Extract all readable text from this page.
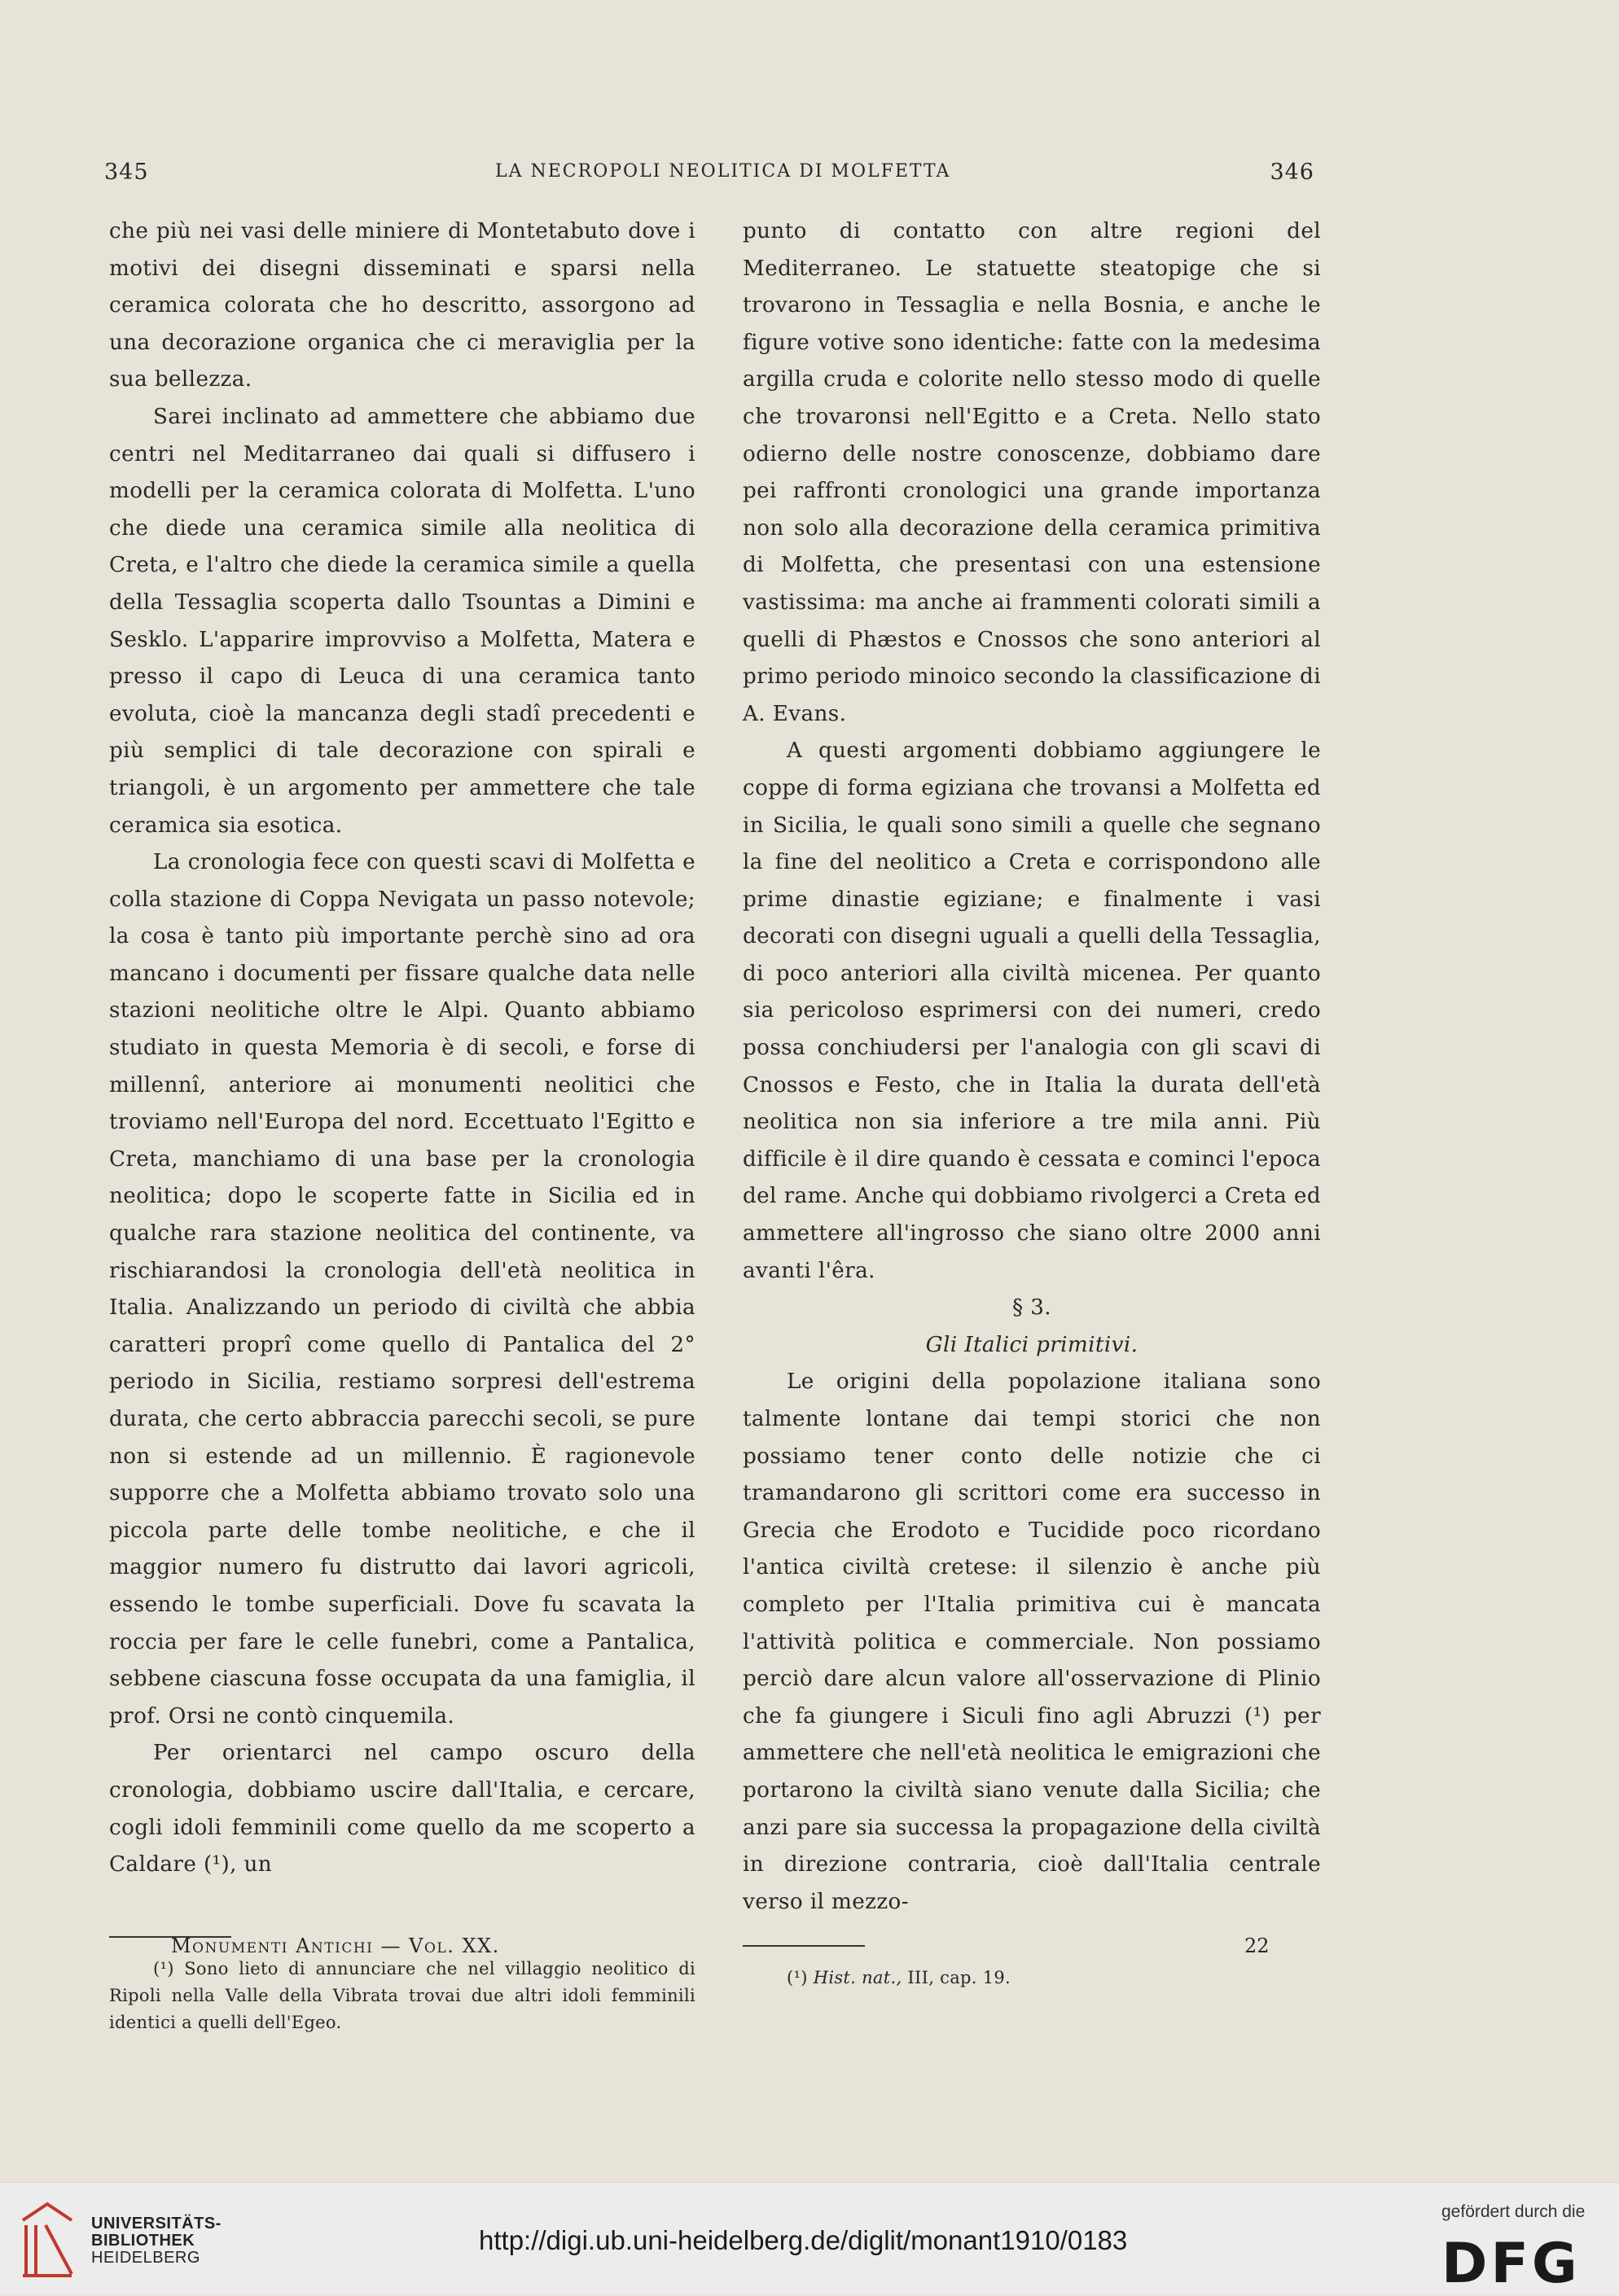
345	LA NECROPOLI NEOLITICA DI MOLFETTA	346

che più nei vasi delle miniere di Montetabuto dove i motivi dei disegni disseminati e sparsi nella ceramica colorata che ho descritto, assorgono ad una decorazione organica che ci meraviglia per la sua bellezza.

Sarei inclinato ad ammettere che abbiamo due centri nel Meditarraneo dai quali si diffusero i modelli per la ceramica colorata di Molfetta. L'uno che diede una ceramica simile alla neolitica di Creta, e l'altro che diede la ceramica simile a quella della Tessaglia scoperta dallo Tsountas a Dimini e Sesklo. L'apparire improvviso a Molfetta, Matera e presso il capo di Leuca di una ceramica tanto evoluta, cioè la mancanza degli stadî precedenti e più semplici di tale decorazione con spirali e triangoli, è un argomento per ammettere che tale ceramica sia esotica.

La cronologia fece con questi scavi di Molfetta e colla stazione di Coppa Nevigata un passo notevole; la cosa è tanto più importante perchè sino ad ora mancano i documenti per fissare qualche data nelle stazioni neolitiche oltre le Alpi. Quanto abbiamo studiato in questa Memoria è di secoli, e forse di millennî, anteriore ai monumenti neolitici che troviamo nell'Europa del nord. Eccettuato l'Egitto e Creta, manchiamo di una base per la cronologia neolitica; dopo le scoperte fatte in Sicilia ed in qualche rara stazione neolitica del continente, va rischiarandosi la cronologia dell'età neolitica in Italia. Analizzando un periodo di civiltà che abbia caratteri proprî come quello di Pantalica del 2° periodo in Sicilia, restiamo sorpresi dell'estrema durata, che certo abbraccia parecchi secoli, se pure non si estende ad un millennio. È ragionevole supporre che a Molfetta abbiamo trovato solo una piccola parte delle tombe neolitiche, e che il maggior numero fu distrutto dai lavori agricoli, essendo le tombe superficiali. Dove fu scavata la roccia per fare le celle funebri, come a Pantalica, sebbene ciascuna fosse occupata da una famiglia, il prof. Orsi ne contò cinquemila.

Per orientarci nel campo oscuro della cronologia, dobbiamo uscire dall'Italia, e cercare, cogli idoli femminili come quello da me scoperto a Caldare (¹), un

(¹) Sono lieto di annunciare che nel villaggio neolitico di Ripoli nella Valle della Vibrata trovai due altri idoli femminili identici a quelli dell'Egeo.

punto di contatto con altre regioni del Mediterraneo. Le statuette steatopige che si trovarono in Tessaglia e nella Bosnia, e anche le figure votive sono identiche: fatte con la medesima argilla cruda e colorite nello stesso modo di quelle che trovaronsi nell'Egitto e a Creta. Nello stato odierno delle nostre conoscenze, dobbiamo dare pei raffronti cronologici una grande importanza non solo alla decorazione della ceramica primitiva di Molfetta, che presentasi con una estensione vastissima: ma anche ai frammenti colorati simili a quelli di Phæstos e Cnossos che sono anteriori al primo periodo minoico secondo la classificazione di A. Evans.

A questi argomenti dobbiamo aggiungere le coppe di forma egiziana che trovansi a Molfetta ed in Sicilia, le quali sono simili a quelle che segnano la fine del neolitico a Creta e corrispondono alle prime dinastie egiziane; e finalmente i vasi decorati con disegni uguali a quelli della Tessaglia, di poco anteriori alla civiltà micenea. Per quanto sia pericoloso esprimersi con dei numeri, credo possa conchiudersi per l'analogia con gli scavi di Cnossos e Festo, che in Italia la durata dell'età neolitica non sia inferiore a tre mila anni. Più difficile è il dire quando è cessata e cominci l'epoca del rame. Anche qui dobbiamo rivolgerci a Creta ed ammettere all'ingrosso che siano oltre 2000 anni avanti l'êra.

§ 3.

Gli Italici primitivi.

Le origini della popolazione italiana sono talmente lontane dai tempi storici che non possiamo tener conto delle notizie che ci tramandarono gli scrittori come era successo in Grecia che Erodoto e Tucidide poco ricordano l'antica civiltà cretese: il silenzio è anche più completo per l'Italia primitiva cui è mancata l'attività politica e commerciale. Non possiamo perciò dare alcun valore all'osservazione di Plinio che fa giungere i Siculi fino agli Abruzzi (¹) per ammettere che nell'età neolitica le emigrazioni che portarono la civiltà siano venute dalla Sicilia; che anzi pare sia successa la propagazione della civiltà in direzione contraria, cioè dall'Italia centrale verso il mezzo-

(¹) Hist. nat., III, cap. 19.

Monumenti Antichi — Vol. XX.	22
UNIVERSITÄTS-
BIBLIOTHEK
HEIDELBERG
http://digi.ub.uni-heidelberg.de/diglit/monant1910/0183
gefördert durch die
DFG
